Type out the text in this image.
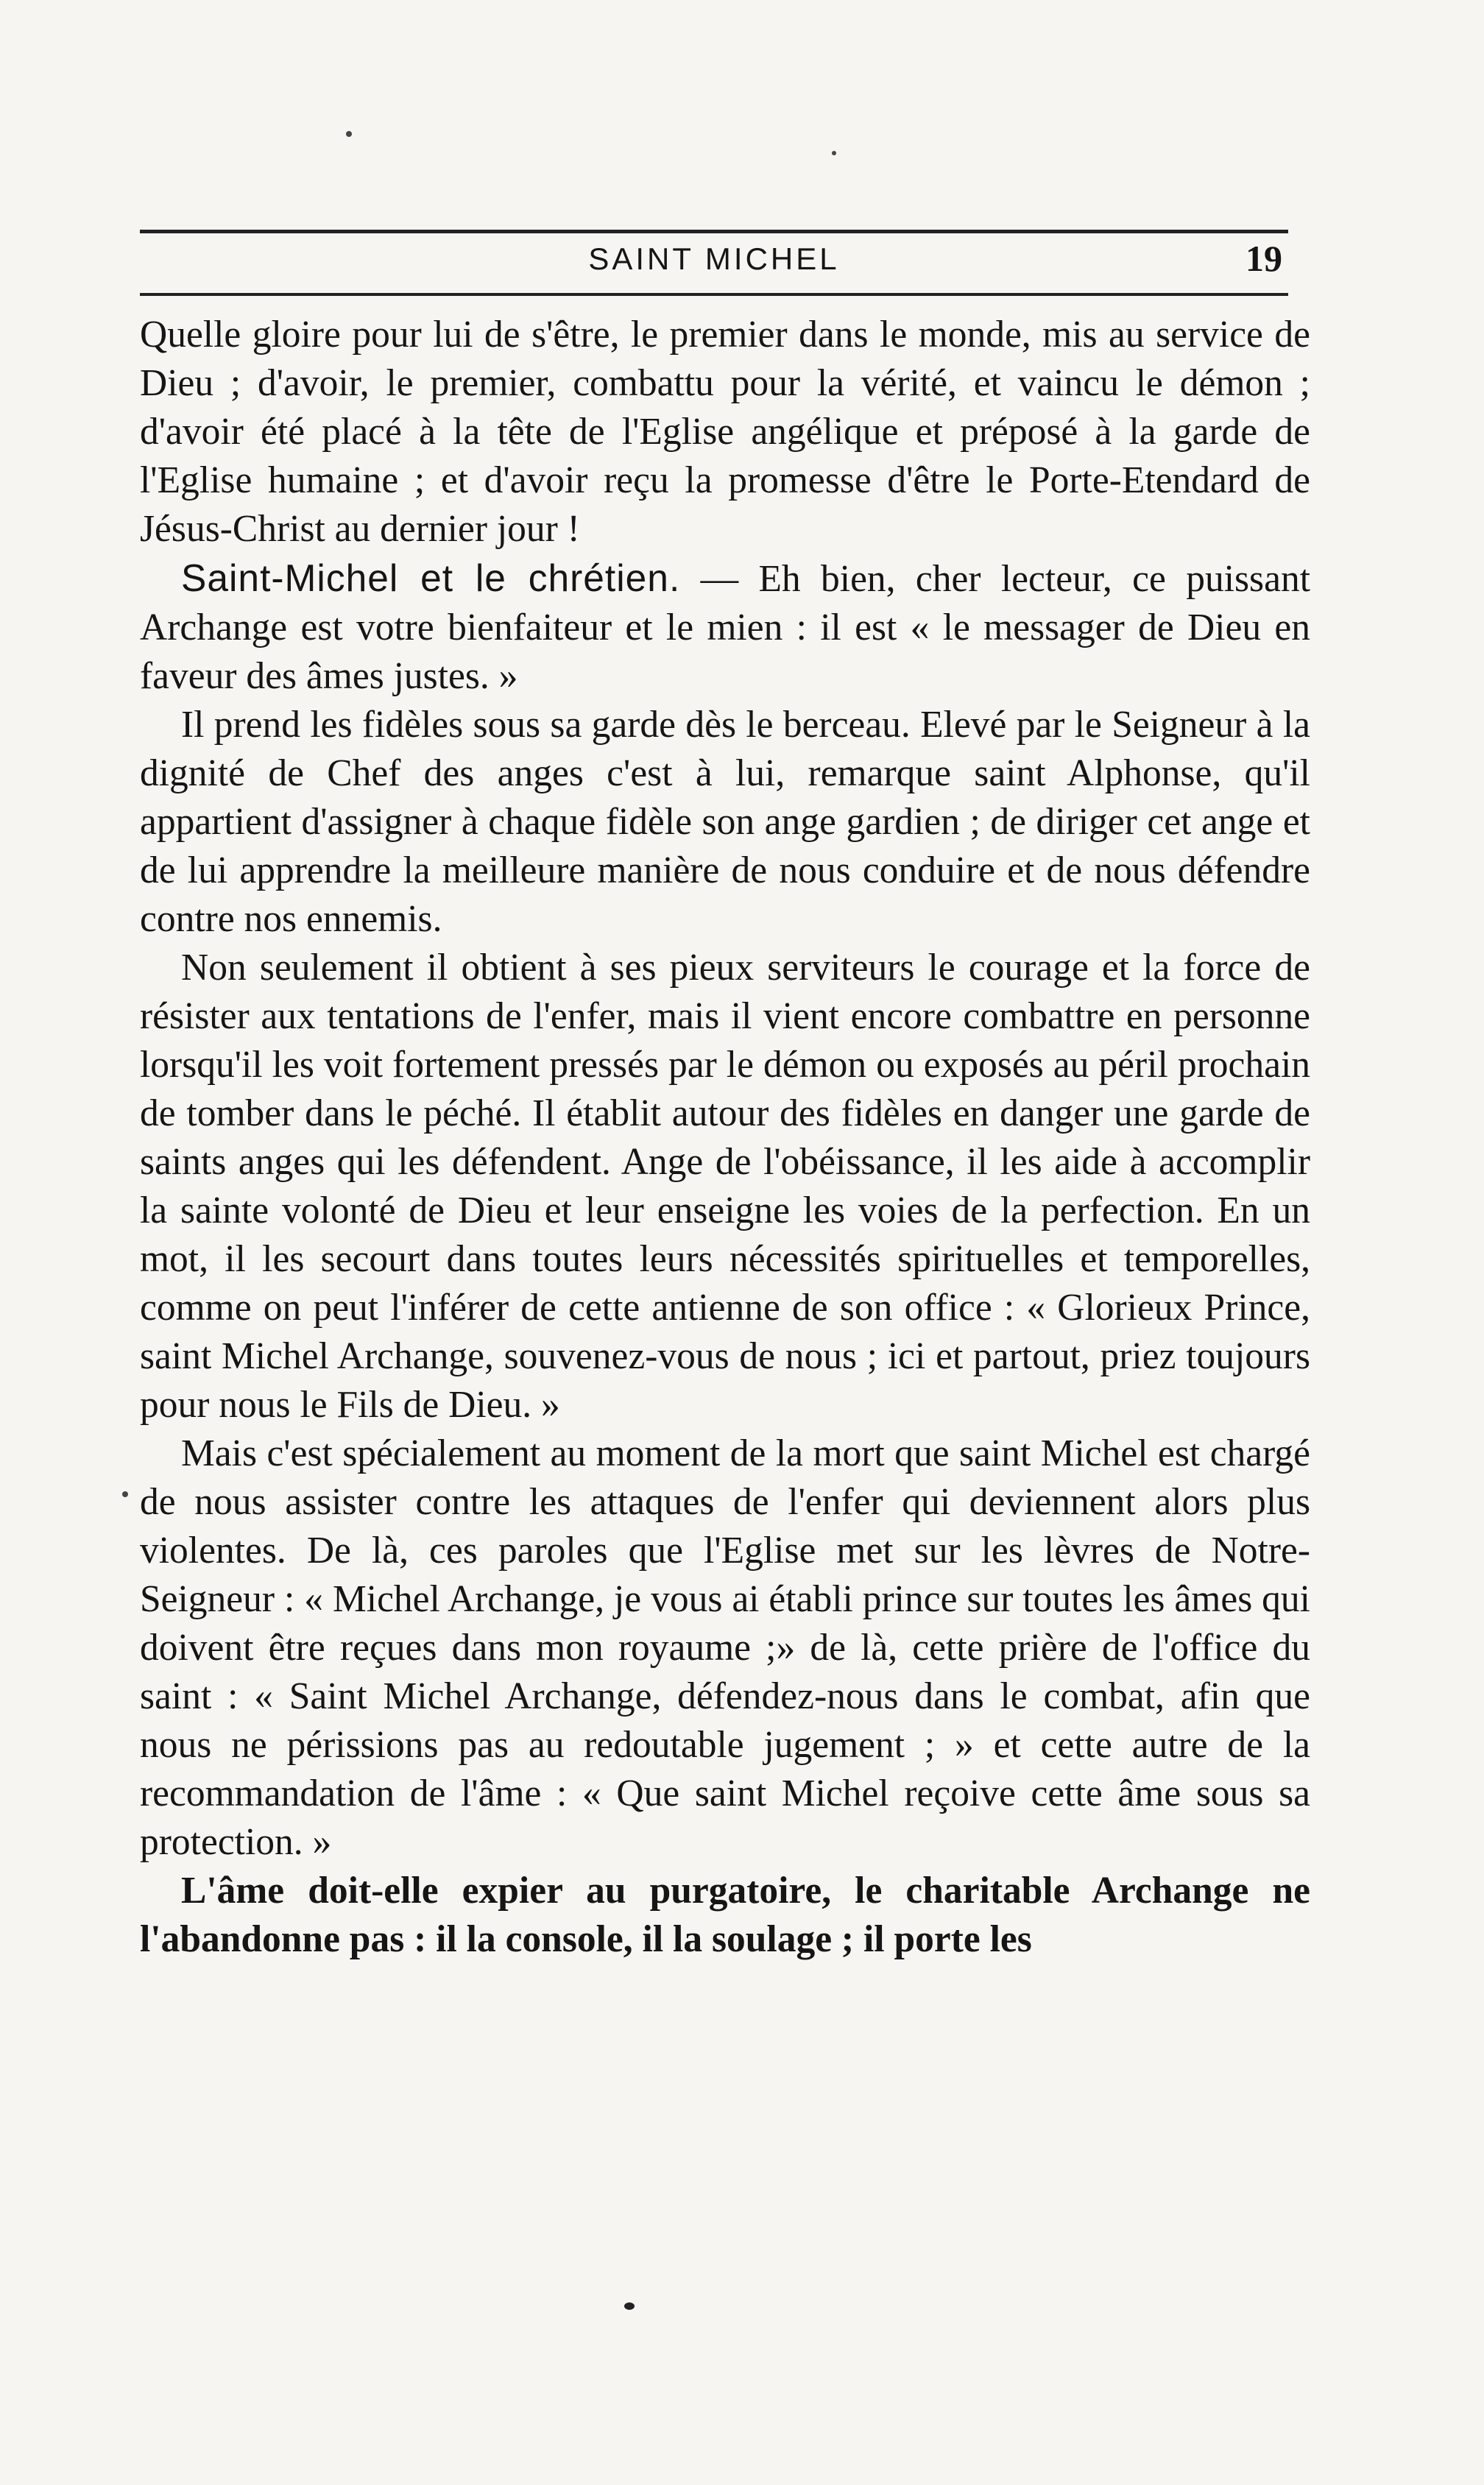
SAINT MICHEL	19

Quelle gloire pour lui de s'être, le premier dans le monde, mis au service de Dieu ; d'avoir, le premier, combattu pour la vérité, et vaincu le démon ; d'avoir été placé à la tête de l'Eglise angélique et préposé à la garde de l'Eglise humaine ; et d'avoir reçu la promesse d'être le Porte-Etendard de Jésus-Christ au dernier jour !

Saint-Michel et le chrétien. — Eh bien, cher lecteur, ce puissant Archange est votre bienfaiteur et le mien : il est « le messager de Dieu en faveur des âmes justes. »

Il prend les fidèles sous sa garde dès le berceau. Elevé par le Seigneur à la dignité de Chef des anges c'est à lui, remarque saint Alphonse, qu'il appartient d'assigner à chaque fidèle son ange gardien ; de diriger cet ange et de lui apprendre la meilleure manière de nous conduire et de nous défendre contre nos ennemis.

Non seulement il obtient à ses pieux serviteurs le courage et la force de résister aux tentations de l'enfer, mais il vient encore combattre en personne lorsqu'il les voit fortement pressés par le démon ou exposés au péril prochain de tomber dans le péché. Il établit autour des fidèles en danger une garde de saints anges qui les défendent. Ange de l'obéissance, il les aide à accomplir la sainte volonté de Dieu et leur enseigne les voies de la perfection. En un mot, il les secourt dans toutes leurs nécessités spirituelles et temporelles, comme on peut l'inférer de cette antienne de son office : « Glorieux Prince, saint Michel Archange, souvenez-vous de nous ; ici et partout, priez toujours pour nous le Fils de Dieu. »

Mais c'est spécialement au moment de la mort que saint Michel est chargé de nous assister contre les attaques de l'enfer qui deviennent alors plus violentes. De là, ces paroles que l'Eglise met sur les lèvres de Notre-Seigneur : « Michel Archange, je vous ai établi prince sur toutes les âmes qui doivent être reçues dans mon royaume ;» de là, cette prière de l'office du saint : « Saint Michel Archange, défendez-nous dans le combat, afin que nous ne périssions pas au redoutable jugement ; » et cette autre de la recommandation de l'âme : « Que saint Michel reçoive cette âme sous sa protection. »

L'âme doit-elle expier au purgatoire, le charitable Archange ne l'abandonne pas : il la console, il la soulage ; il porte les
